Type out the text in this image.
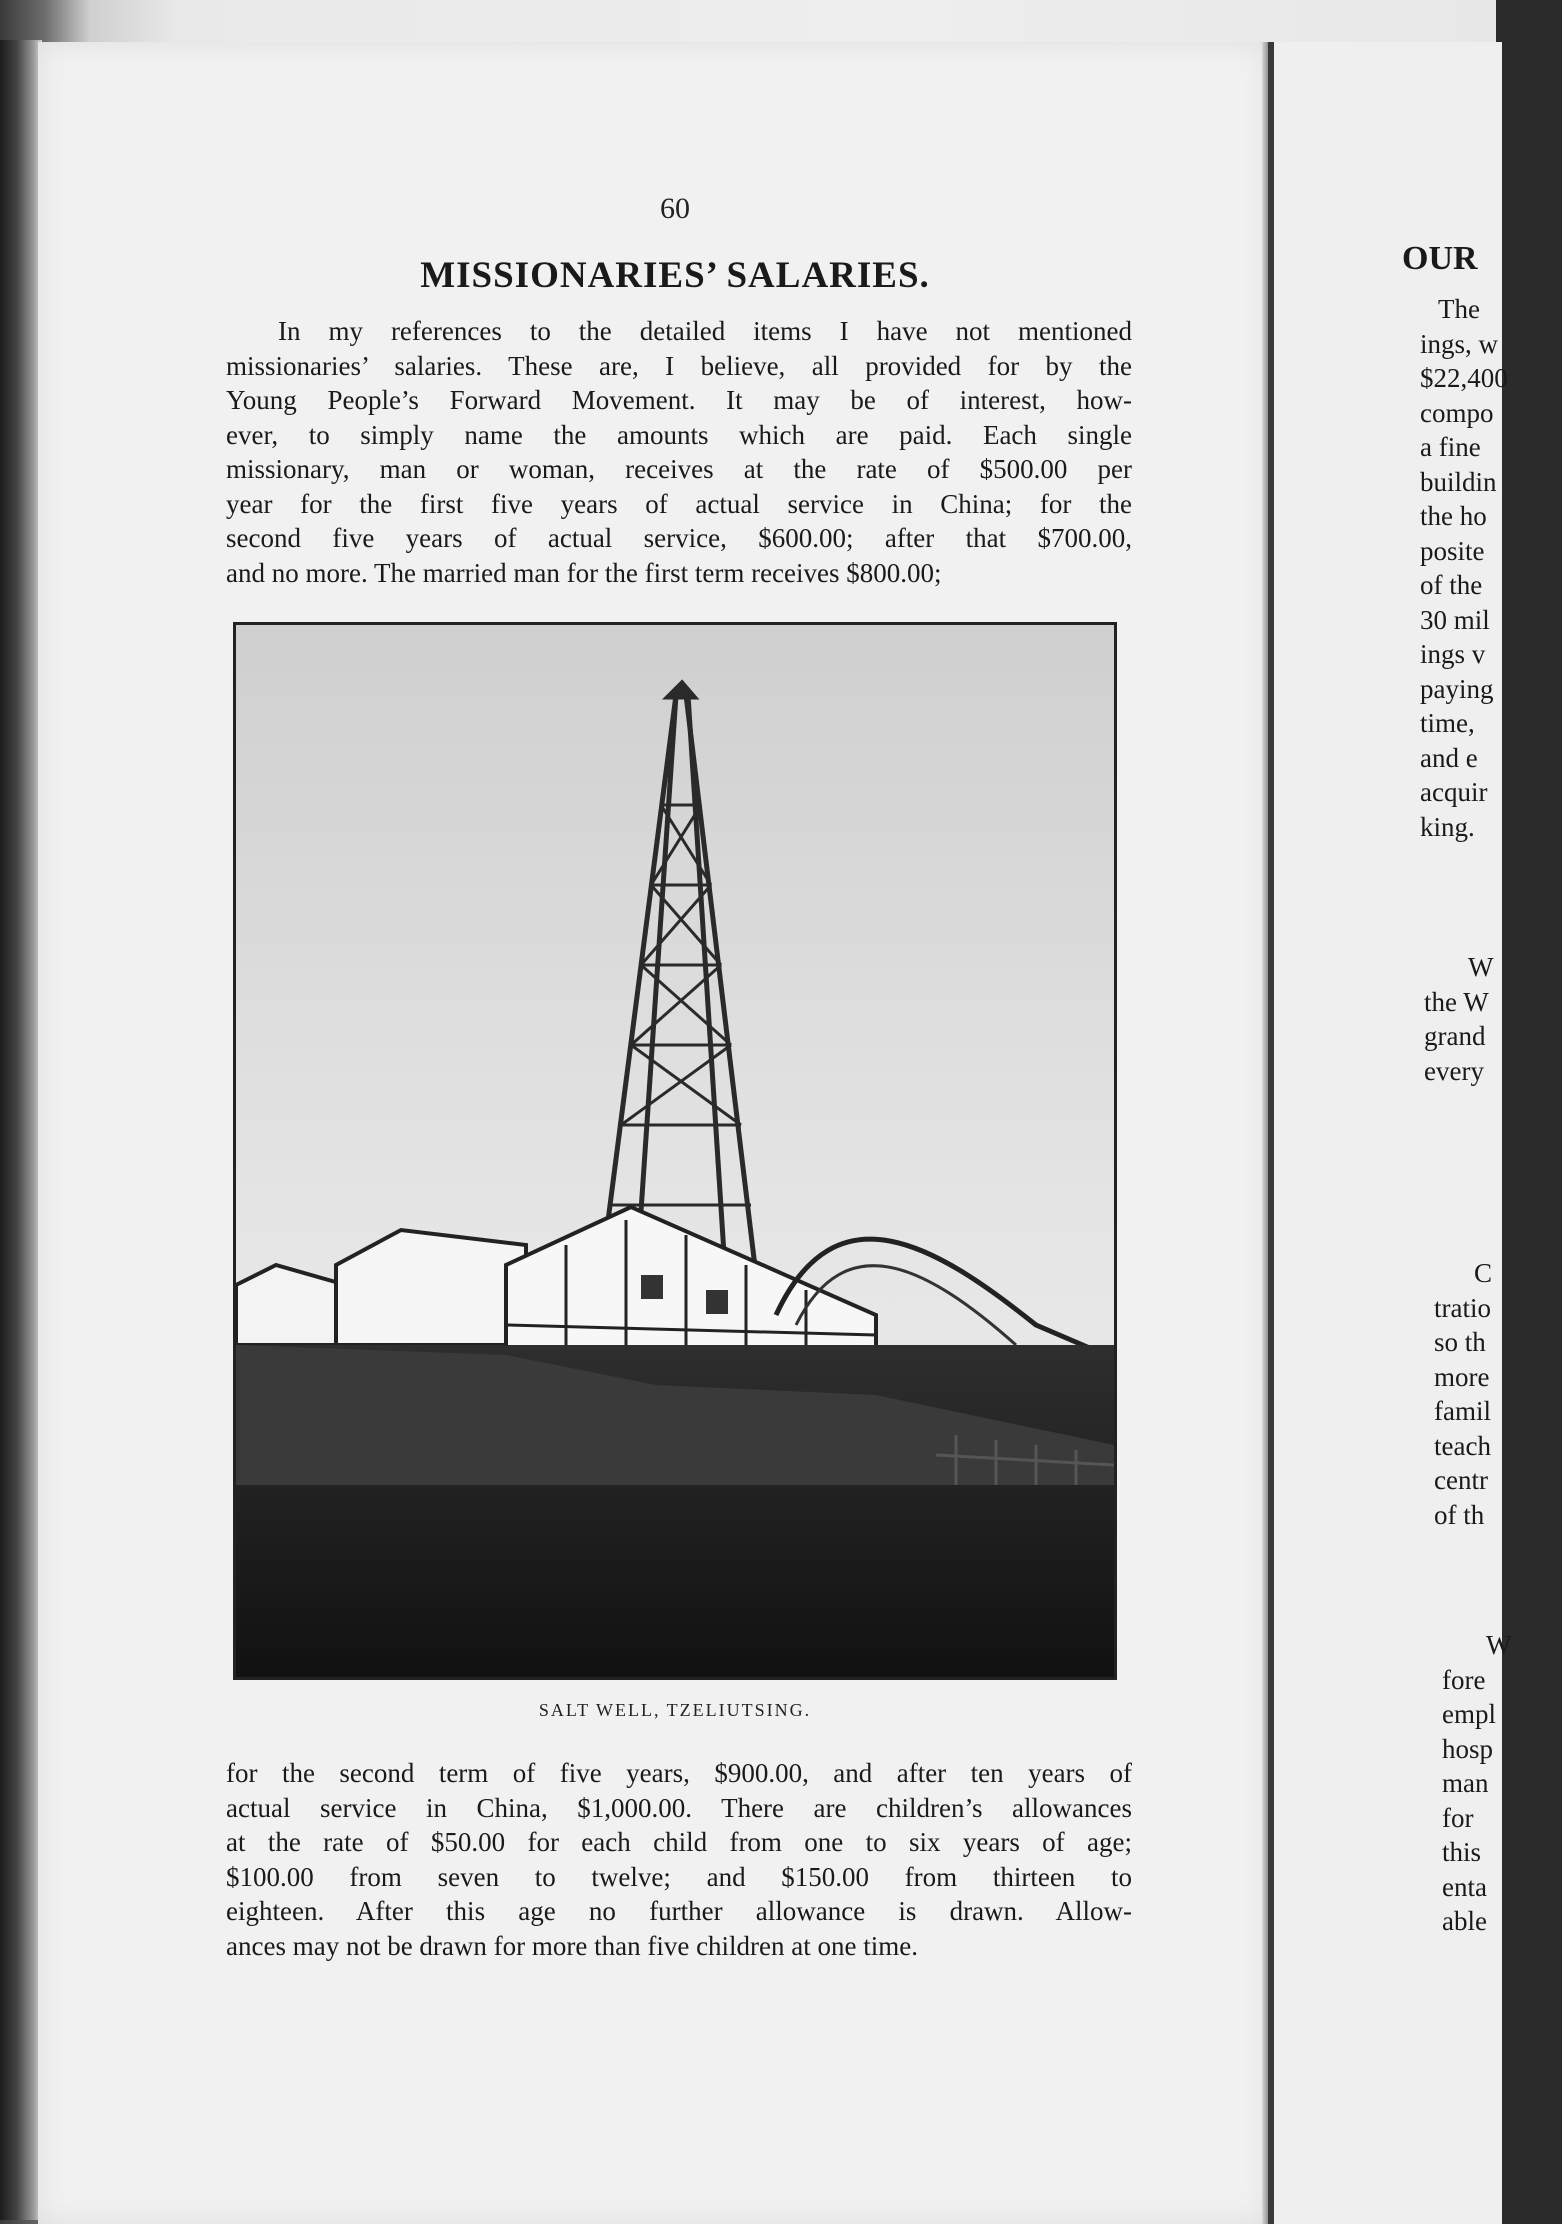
60
MISSIONARIES’ SALARIES.
In my references to the detailed items I have not mentioned
missionaries’ salaries. These are, I believe, all provided for by the
Young People’s Forward Movement. It may be of interest, how-
ever, to simply name the amounts which are paid. Each single
missionary, man or woman, receives at the rate of $500.00 per
year for the first five years of actual service in China; for the
second five years of actual service, $600.00; after that $700.00,
and no more. The married man for the first term receives $800.00;
SALT WELL, TZELIUTSING.
for the second term of five years, $900.00, and after ten years of
actual service in China, $1,000.00. There are children’s allowances
at the rate of $50.00 for each child from one to six years of age;
$100.00 from seven to twelve; and $150.00 from thirteen to
eighteen. After this age no further allowance is drawn. Allow-
ances may not be drawn for more than five children at one time.
OUR
The
ings, w
$22,400
compo
a fine
buildin
the ho
posite
of the
30 mil
ings v
paying
time,
and e
acquir
king.
W
the W
grand
every
C
tratio
so th
more
famil
teach
centr
of th
W
fore
empl
hosp
man
for
this
enta
able
